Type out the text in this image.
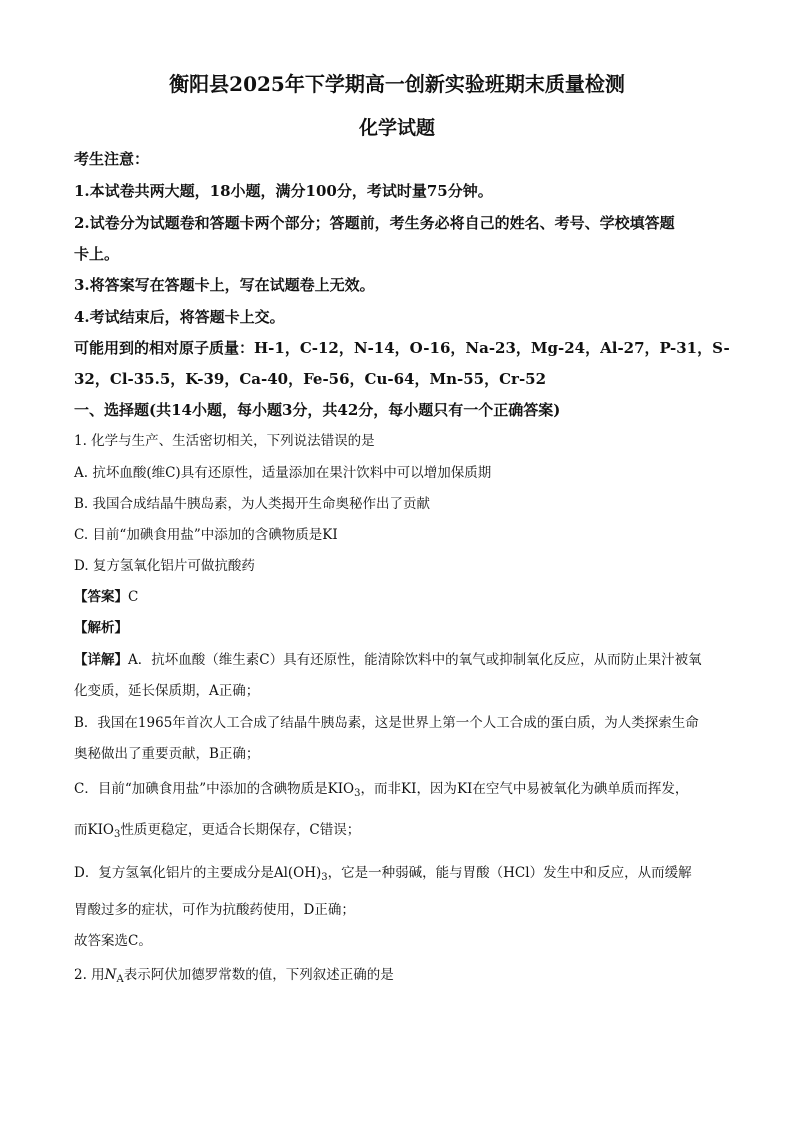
衡阳县2025年下学期高一创新实验班期末质量检测
化学试题
考生注意：
1.本试卷共两大题，18小题，满分100分，考试时量75分钟。
2.试卷分为试题卷和答题卡两个部分；答题前，考生务必将自己的姓名、考号、学校填答题
卡上。
3.将答案写在答题卡上，写在试题卷上无效。
4.考试结束后，将答题卡上交。
可能用到的相对原子质量：H-1，C-12，N-14，O-16，Na-23，Mg-24，Al-27，P-31，S-
32，Cl-35.5，K-39，Ca-40，Fe-56，Cu-64，Mn-55，Cr-52
一、选择题(共14小题，每小题3分，共42分，每小题只有一个正确答案)
1. 化学与生产、生活密切相关，下列说法错误的是
A. 抗坏血酸(维C)具有还原性，适量添加在果汁饮料中可以增加保质期
B. 我国合成结晶牛胰岛素，为人类揭开生命奥秘作出了贡献
C. 目前“加碘食用盐”中添加的含碘物质是KI
D. 复方氢氧化铝片可做抗酸药
【答案】C
【解析】
【详解】A．抗坏血酸（维生素C）具有还原性，能清除饮料中的氧气或抑制氧化反应，从而防止果汁被氧
化变质，延长保质期，A正确；
B．我国在1965年首次人工合成了结晶牛胰岛素，这是世界上第一个人工合成的蛋白质，为人类探索生命
奥秘做出了重要贡献，B正确；
C．目前“加碘食用盐”中添加的含碘物质是$KIO_3$，而非KI，因为KI在空气中易被氧化为碘单质而挥发，
而$KIO_3$性质更稳定，更适合长期保存，C错误；
D．复方氢氧化铝片的主要成分是$Al(OH)_3$，它是一种弱碱，能与胃酸（HCl）发生中和反应，从而缓解
胃酸过多的症状，可作为抗酸药使用，D正确；
故答案选C。
2. 用$N_A$表示阿伏加德罗常数的值，下列叙述正确的是
